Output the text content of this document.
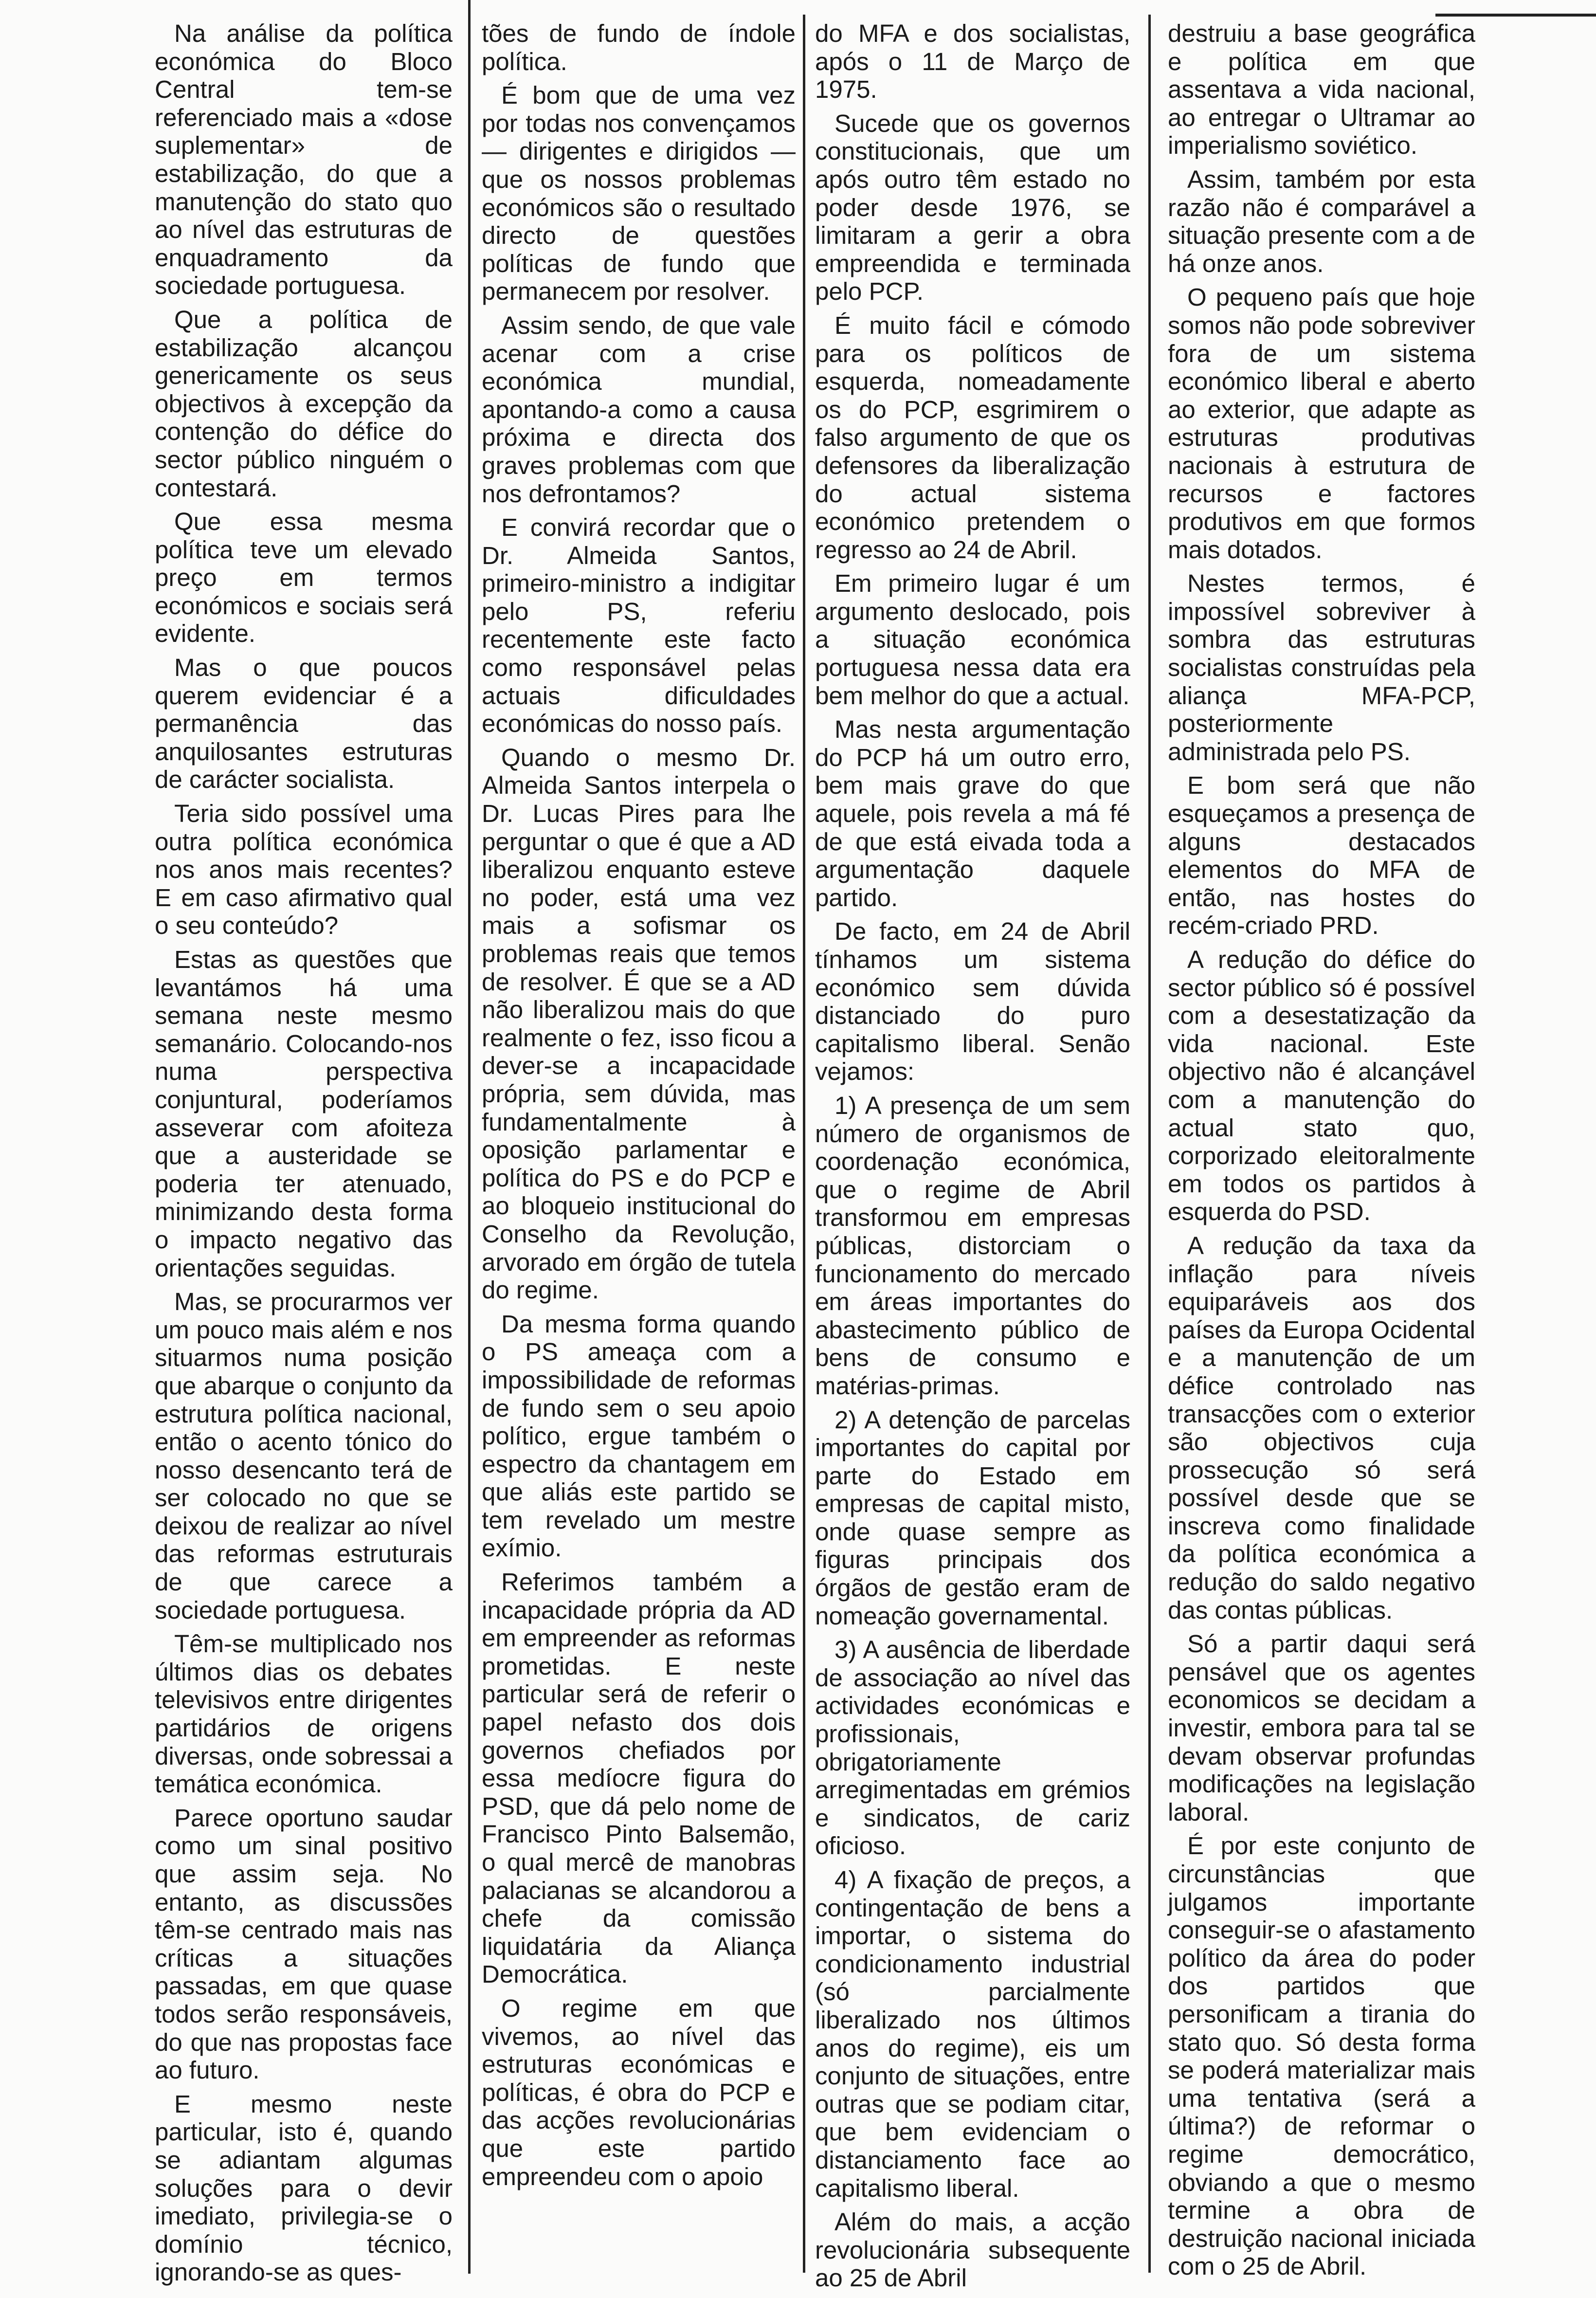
Na análise da política económica do Bloco Central tem-se referenciado mais a «dose suplementar» de estabilização, do que a manutenção do stato quo ao nível das estruturas de enquadramento da sociedade portuguesa.

Que a política de estabilização alcançou genericamente os seus objectivos à excepção da contenção do défice do sector público ninguém o contestará.

Que essa mesma política teve um elevado preço em termos económicos e sociais será evidente.

Mas o que poucos querem evidenciar é a permanência das anquilosantes estruturas de carácter socialista.

Teria sido possível uma outra política económica nos anos mais recentes? E em caso afirmativo qual o seu conteúdo?

Estas as questões que levantámos há uma semana neste mesmo semanário. Colocando-nos numa perspectiva conjuntural, poderíamos asseverar com afoiteza que a austeridade se poderia ter atenuado, minimizando desta forma o impacto negativo das orientações seguidas.

Mas, se procurarmos ver um pouco mais além e nos situarmos numa posição que abarque o conjunto da estrutura política nacional, então o acento tónico do nosso desencanto terá de ser colocado no que se deixou de realizar ao nível das reformas estruturais de que carece a sociedade portuguesa.

Têm-se multiplicado nos últimos dias os debates televisivos entre dirigentes partidários de origens diversas, onde sobressai a temática económica.

Parece oportuno saudar como um sinal positivo que assim seja. No entanto, as discussões têm-se centrado mais nas críticas a situações passadas, em que quase todos serão responsáveis, do que nas propostas face ao futuro.

E mesmo neste particular, isto é, quando se adiantam algumas soluções para o devir imediato, privilegia-se o domínio técnico, ignorando-se as ques-

tões de fundo de índole política.

É bom que de uma vez por todas nos convençamos — dirigentes e dirigidos — que os nossos problemas económicos são o resultado directo de questões políticas de fundo que permanecem por resolver.

Assim sendo, de que vale acenar com a crise económica mundial, apontando-a como a causa próxima e directa dos graves problemas com que nos defrontamos?

E convirá recordar que o Dr. Almeida Santos, primeiro-ministro a indigitar pelo PS, referiu recentemente este facto como responsável pelas actuais dificuldades económicas do nosso país.

Quando o mesmo Dr. Almeida Santos interpela o Dr. Lucas Pires para lhe perguntar o que é que a AD liberalizou enquanto esteve no poder, está uma vez mais a sofismar os problemas reais que temos de resolver. É que se a AD não liberalizou mais do que realmente o fez, isso ficou a dever-se a incapacidade própria, sem dúvida, mas fundamentalmente à oposição parlamentar e política do PS e do PCP e ao bloqueio institucional do Conselho da Revolução, arvorado em órgão de tutela do regime.

Da mesma forma quando o PS ameaça com a impossibilidade de reformas de fundo sem o seu apoio político, ergue também o espectro da chantagem em que aliás este partido se tem revelado um mestre exímio.

Referimos também a incapacidade própria da AD em empreender as reformas prometidas. E neste particular será de referir o papel nefasto dos dois governos chefiados por essa medíocre figura do PSD, que dá pelo nome de Francisco Pinto Balsemão, o qual mercê de manobras palacianas se alcandorou a chefe da comissão liquidatária da Aliança Democrática.

O regime em que vivemos, ao nível das estruturas económicas e políticas, é obra do PCP e das acções revolucionárias que este partido empreendeu com o apoio

do MFA e dos socialistas, após o 11 de Março de 1975.

Sucede que os governos constitucionais, que um após outro têm estado no poder desde 1976, se limitaram a gerir a obra empreendida e terminada pelo PCP.

É muito fácil e cómodo para os políticos de esquerda, nomeadamente os do PCP, esgrimirem o falso argumento de que os defensores da liberalização do actual sistema económico pretendem o regresso ao 24 de Abril.

Em primeiro lugar é um argumento deslocado, pois a situação económica portuguesa nessa data era bem melhor do que a actual.

Mas nesta argumentação do PCP há um outro erro, bem mais grave do que aquele, pois revela a má fé de que está eivada toda a argumentação daquele partido.

De facto, em 24 de Abril tínhamos um sistema económico sem dúvida distanciado do puro capitalismo liberal. Senão vejamos:

1) A presença de um sem número de organismos de coordenação económica, que o regime de Abril transformou em empresas públicas, distorciam o funcionamento do mercado em áreas importantes do abastecimento público de bens de consumo e matérias-primas.

2) A detenção de parcelas importantes do capital por parte do Estado em empresas de capital misto, onde quase sempre as figuras principais dos órgãos de gestão eram de nomeação governamental.

3) A ausência de liberdade de associação ao nível das actividades económicas e profissionais, obrigatoriamente arregimentadas em grémios e sindicatos, de cariz oficioso.

4) A fixação de preços, a contingentação de bens a importar, o sistema do condicionamento industrial (só parcialmente liberalizado nos últimos anos do regime), eis um conjunto de situações, entre outras que se podiam citar, que bem evidenciam o distanciamento face ao capitalismo liberal.

Além do mais, a acção revolucionária subsequente ao 25 de Abril

destruiu a base geográfica e política em que assentava a vida nacional, ao entregar o Ultramar ao imperialismo soviético.

Assim, também por esta razão não é comparável a situação presente com a de há onze anos.

O pequeno país que hoje somos não pode sobreviver fora de um sistema económico liberal e aberto ao exterior, que adapte as estruturas produtivas nacionais à estrutura de recursos e factores produtivos em que formos mais dotados.

Nestes termos, é impossível sobreviver à sombra das estruturas socialistas construídas pela aliança MFA-PCP, posteriormente administrada pelo PS.

E bom será que não esqueçamos a presença de alguns destacados elementos do MFA de então, nas hostes do recém-criado PRD.

A redução do défice do sector público só é possível com a desestatização da vida nacional. Este objectivo não é alcançável com a manutenção do actual stato quo, corporizado eleitoralmente em todos os partidos à esquerda do PSD.

A redução da taxa da inflação para níveis equiparáveis aos dos países da Europa Ocidental e a manutenção de um défice controlado nas transacções com o exterior são objectivos cuja prossecução só será possível desde que se inscreva como finalidade da política económica a redução do saldo negativo das contas públicas.

Só a partir daqui será pensável que os agentes economicos se decidam a investir, embora para tal se devam observar profundas modificações na legislação laboral.

É por este conjunto de circunstâncias que julgamos importante conseguir-se o afastamento político da área do poder dos partidos que personificam a tirania do stato quo. Só desta forma se poderá materializar mais uma tentativa (será a última?) de reformar o regime democrático, obviando a que o mesmo termine a obra de destruição nacional iniciada com o 25 de Abril.
